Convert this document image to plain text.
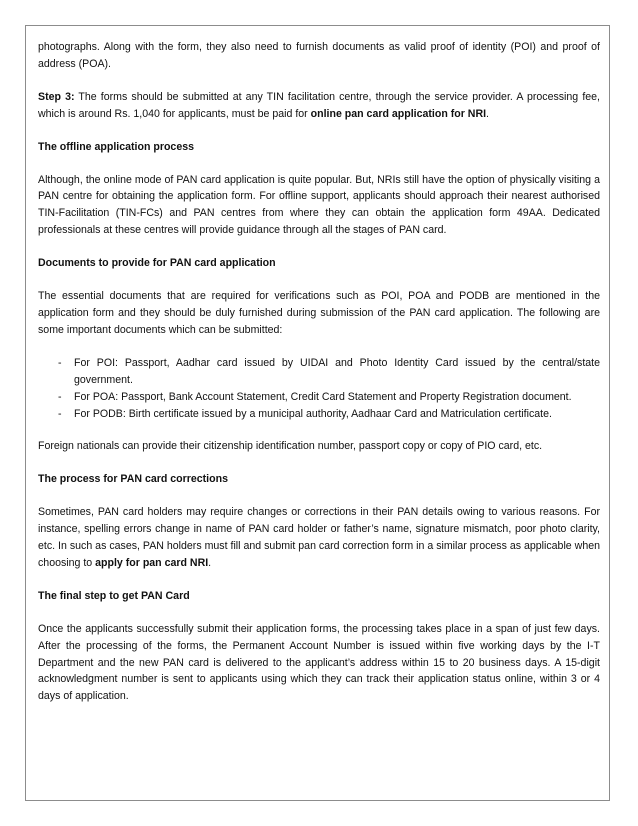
photographs. Along with the form, they also need to furnish documents as valid proof of identity (POI) and proof of address (POA).

Step 3: The forms should be submitted at any TIN facilitation centre, through the service provider. A processing fee, which is around Rs. 1,040 for applicants, must be paid for online pan card application for NRI.

The offline application process

Although, the online mode of PAN card application is quite popular. But, NRIs still have the option of physically visiting a PAN centre for obtaining the application form. For offline support, applicants should approach their nearest authorised TIN-Facilitation (TIN-FCs) and PAN centres from where they can obtain the application form 49AA. Dedicated professionals at these centres will provide guidance through all the stages of PAN card.

Documents to provide for PAN card application

The essential documents that are required for verifications such as POI, POA and PODB are mentioned in the application form and they should be duly furnished during submission of the PAN card application. The following are some important documents which can be submitted:

- For POI: Passport, Aadhar card issued by UIDAI and Photo Identity Card issued by the central/state government.
- For POA: Passport, Bank Account Statement, Credit Card Statement and Property Registration document.
- For PODB: Birth certificate issued by a municipal authority, Aadhaar Card and Matriculation certificate.

Foreign nationals can provide their citizenship identification number, passport copy or copy of PIO card, etc.

The process for PAN card corrections

Sometimes, PAN card holders may require changes or corrections in their PAN details owing to various reasons. For instance, spelling errors change in name of PAN card holder or father’s name, signature mismatch, poor photo clarity, etc. In such as cases, PAN holders must fill and submit pan card correction form in a similar process as applicable when choosing to apply for pan card NRI.

The final step to get PAN Card

Once the applicants successfully submit their application forms, the processing takes place in a span of just few days. After the processing of the forms, the Permanent Account Number is issued within five working days by the I-T Department and the new PAN card is delivered to the applicant’s address within 15 to 20 business days. A 15-digit acknowledgment number is sent to applicants using which they can track their application status online, within 3 or 4 days of application.
